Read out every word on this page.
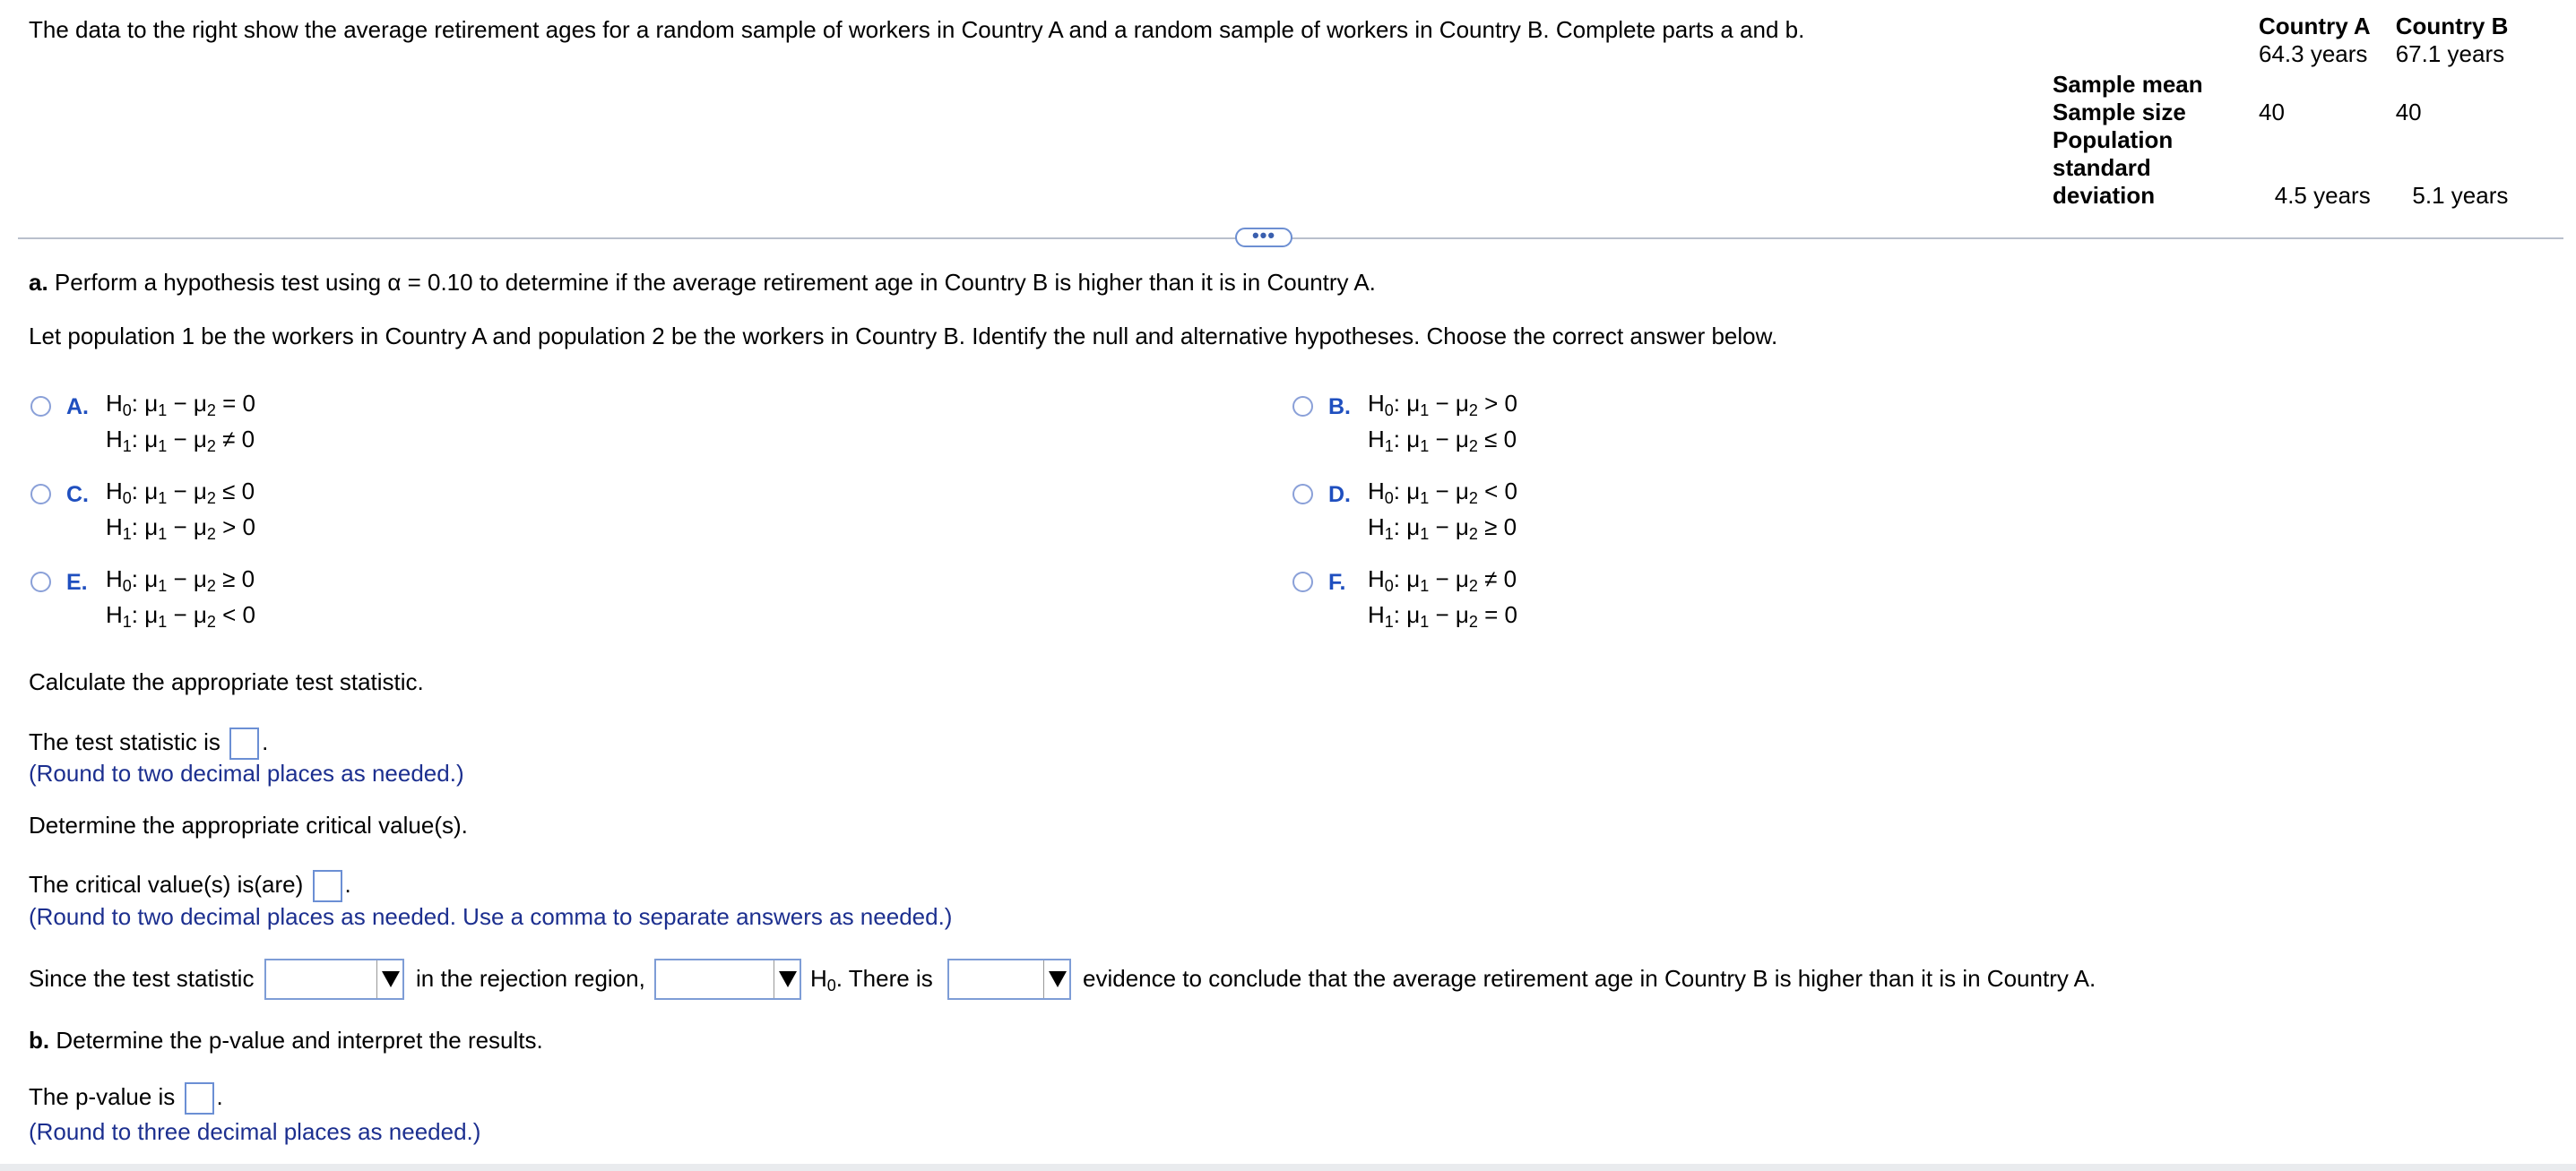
The data to the right show the average retirement ages for a random sample of workers in Country A and a random sample of workers in Country B. Complete parts a and b.
		Country A	Country B
Sample mean	64.3 years	67.1 years
Sample size	40	40

Population
standard
deviation	4.5 years	5.1 years
•••
a. Perform a hypothesis test using α = 0.10 to determine if the average retirement age in Country B is higher than it is in Country A.
Let population 1 be the workers in Country A and population 2 be the workers in Country B. Identify the null and alternative hypotheses. Choose the correct answer below.
A. $H_0$: $\mu_1 - \mu_2 = 0$
$H_1$: $\mu_1 - \mu_2 \ne 0$
B. $H_0$: $\mu_1 - \mu_2 > 0$
$H_1$: $\mu_1 - \mu_2 \le 0$
C. $H_0$: $\mu_1 - \mu_2 \le 0$
$H_1$: $\mu_1 - \mu_2 > 0$
D. $H_0$: $\mu_1 - \mu_2 < 0$
$H_1$: $\mu_1 - \mu_2 \ge 0$
E. $H_0$: $\mu_1 - \mu_2 \ge 0$
$H_1$: $\mu_1 - \mu_2 < 0$
F. $H_0$: $\mu_1 - \mu_2 \ne 0$
$H_1$: $\mu_1 - \mu_2 = 0$
Calculate the appropriate test statistic.
The test statistic is .
(Round to two decimal places as needed.)
Determine the appropriate critical value(s).
The critical value(s) is(are) .
(Round to two decimal places as needed. Use a comma to separate answers as needed.)
Since the test statistic	in the rejection region,	$H_0$. There is	evidence to conclude that the average retirement age in Country B is higher than it is in Country A.
b. Determine the p-value and interpret the results.
The p-value is .
(Round to three decimal places as needed.)
